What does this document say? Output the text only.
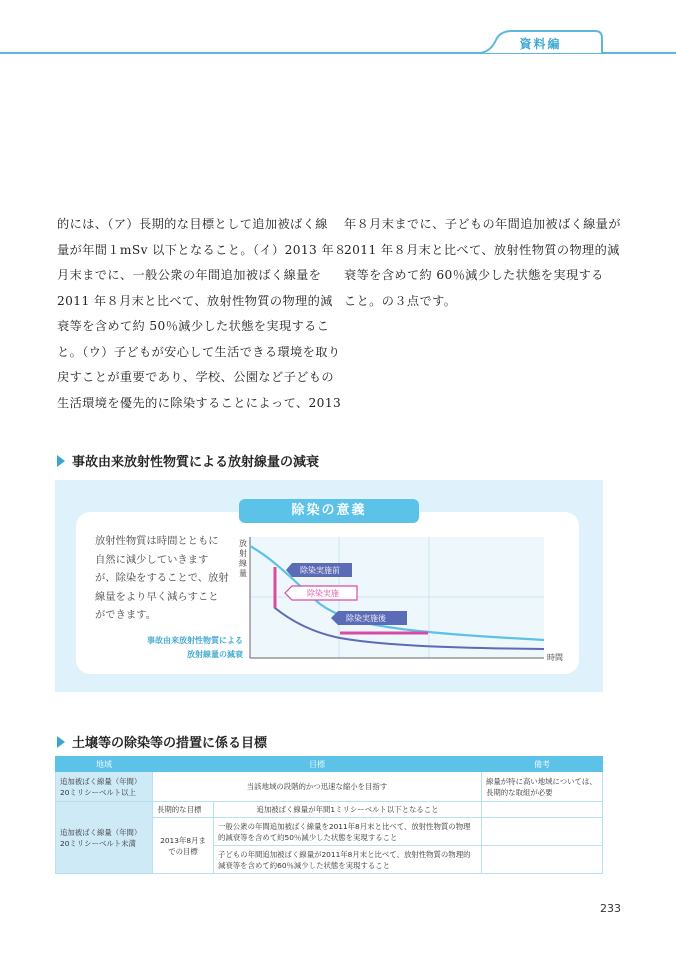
資料編

的には、（ア）長期的な目標として追加被ばく線

量が年間１mSv 以下となること。（イ）2013 年８

月末までに、一般公衆の年間追加被ばく線量を

2011 年８月末と比べて、放射性物質の物理的減

衰等を含めて約 50％減少した状態を実現するこ

と。（ウ）子どもが安心して生活できる環境を取り

戻すことが重要であり、学校、公園など子どもの

生活環境を優先的に除染することによって、2013

年８月末までに、子どもの年間追加被ばく線量が

2011 年８月末と比べて、放射性物質の物理的減

衰等を含めて約 60％減少した状態を実現する

こと。の３点です。

事故由来放射性物質による放射線量の減衰
除染の意義

放射性物質は時間とともに

自然に減少していきます

が、除染をすることで、放射

線量をより早く減らすこと

ができます。

放
射
線
量
時間
除染実施前
除染実施
除染実施後
事故由来放射性物質による
放射線量の減衰
土壌等の除染等の措置に係る目標
地域	目標		備考
追加被ばく線量（年間）20ミリシーベルト以上	当該地域の段階的かつ迅速な縮小を目指す		線量が特に高い地域については、長期的な取組が必要
追加被ばく線量（年間）20ミリシーベルト未満	長期的な目標	追加被ばく線量が年間1ミリシーベルト以下となること	
	2013年8月までの目標	一般公衆の年間追加被ばく線量を2011年8月末と比べて、放射性物質の物理的減衰等を含めて約50％減少した状態を実現すること	
		子どもの年間追加被ばく線量が2011年8月末と比べて、放射性物質の物理的減衰等を含めて約60％減少した状態を実現すること	
233
